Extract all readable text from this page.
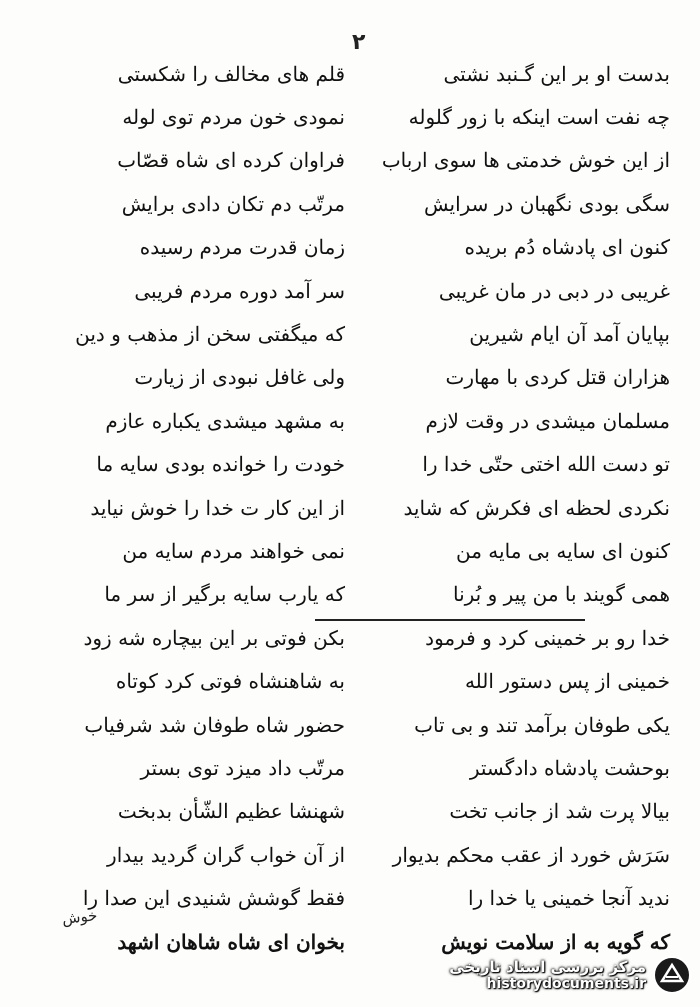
۲
بدست او بر این گـنبد نشتی
قلم های مخالف را شکستی
چه نفت است اینکه با زور گلوله
نمودی خون مردم توی لوله
از این خوش خدمتی ها سوی ارباب
فراوان کرده ای شاه قصّاب
سگی بودی نگهبان در سرایش
مرتّب دم تکان دادی برایش
کنون ای پادشاه دُم بریده
زمان قدرت مردم رسیده
غریبی در دبی در مان غریبی
سر آمد دوره مردم فریبی
بپایان آمد آن ایام شیرین
که میگفتی سخن از مذهب و دین
هزاران قتل کردی با مهارت
ولی غافل نبودی از زیارت
مسلمان میشدی در وقت لازم
به مشهد میشدی یکباره عازم
تو دست الله اختی حتّی خدا را
خودت را خوانده بودی سایه ما
نکردی لحظه ای فکرش که شاید
از این کار ت خدا را خوش نیاید
کنون ای سایه بی مایه من
نمی خواهند مردم سایه من
همی گویند با من پیر و بُرنا
که یارب سایه برگیر از سر ما
خدا رو بر خمینی کرد و فرمود
بکن فوتی بر این بیچاره شه زود
خمینی از پس دستور الله
به شاهنشاه فوتی کرد کوتاه
یکی طوفان برآمد تند و بی تاب
حضور شاه طوفان شد شرفیاب
بوحشت پادشاه دادگستر
مرتّب داد میزد توی بستر
بیالا پرت شد از جانب تخت
شهنشا عظیم الشّأن بدبخت
سَرَش خورد از عقب محکم بدیوار
از آن خواب گران گردید بیدار
ندید آنجا خمینی یا خدا را
فقط گوشش شنیدی این صدا را
که گویه به از سلامت نویش
بخوان ای شاه شاهان اشهد
خوش
مرکز بررسی اسناد تاریخی
historydocuments.ir
